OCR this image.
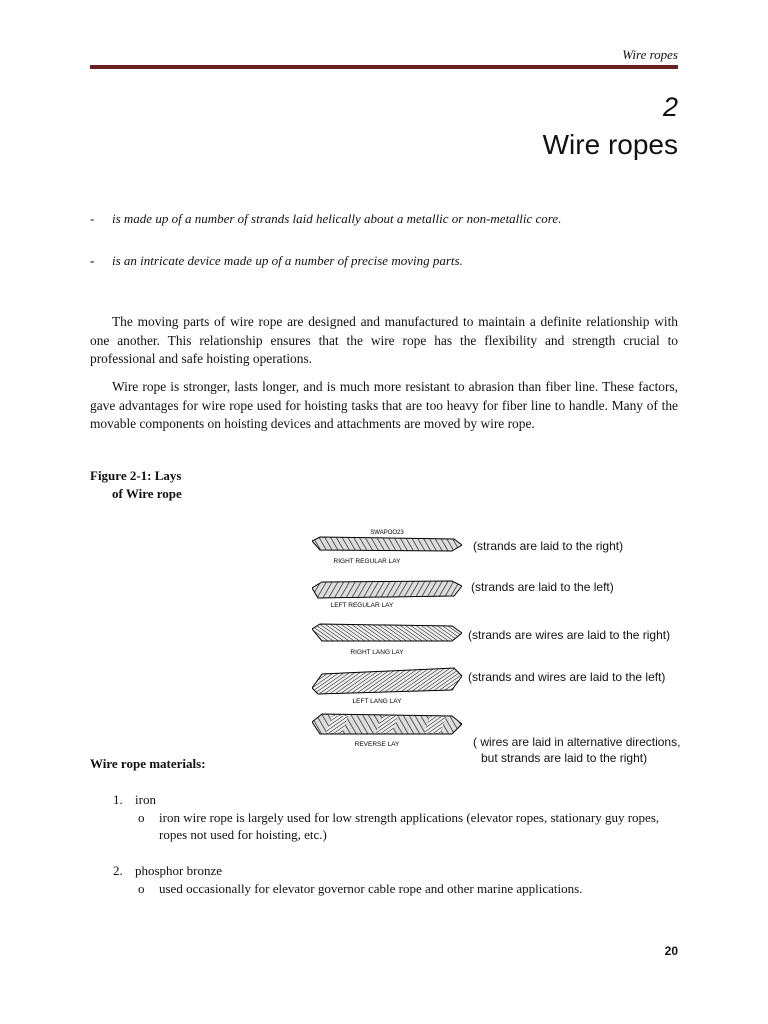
Wire ropes
2
Wire ropes
- is made up of a number of strands laid helically about a metallic or non-metallic core.
- is an intricate device made up of a number of precise moving parts.

The moving parts of wire rope are designed and manufactured to maintain a definite relationship with one another. This relationship ensures that the wire rope has the flexibility and strength crucial to professional and safe hoisting operations.

Wire rope is stronger, lasts longer, and is much more resistant to abrasion than fiber line. These factors, gave advantages for wire rope used for hoisting tasks that are too heavy for fiber line to handle. Many of the movable components on hoisting devices and attachments are moved by wire rope.

Figure 2-1: Lays
of Wire rope
SWAPOO23
RIGHT REGULAR LAY
LEFT REGULAR LAY
RIGHT LANG LAY
LEFT LANG LAY
REVERSE LAY
(strands are laid to the right)
(strands are laid to the left)
(strands are wires are laid to the right)
(strands and wires are laid to the left)
( wires are laid in alternative directions,
but strands are laid to the right)
Wire rope materials:
1. iron
o	iron wire rope is largely used for low strength applications (elevator ropes, stationary guy ropes, ropes not used for hoisting, etc.)
2. phosphor bronze
o	used occasionally for elevator governor cable rope and other marine applications.
20
